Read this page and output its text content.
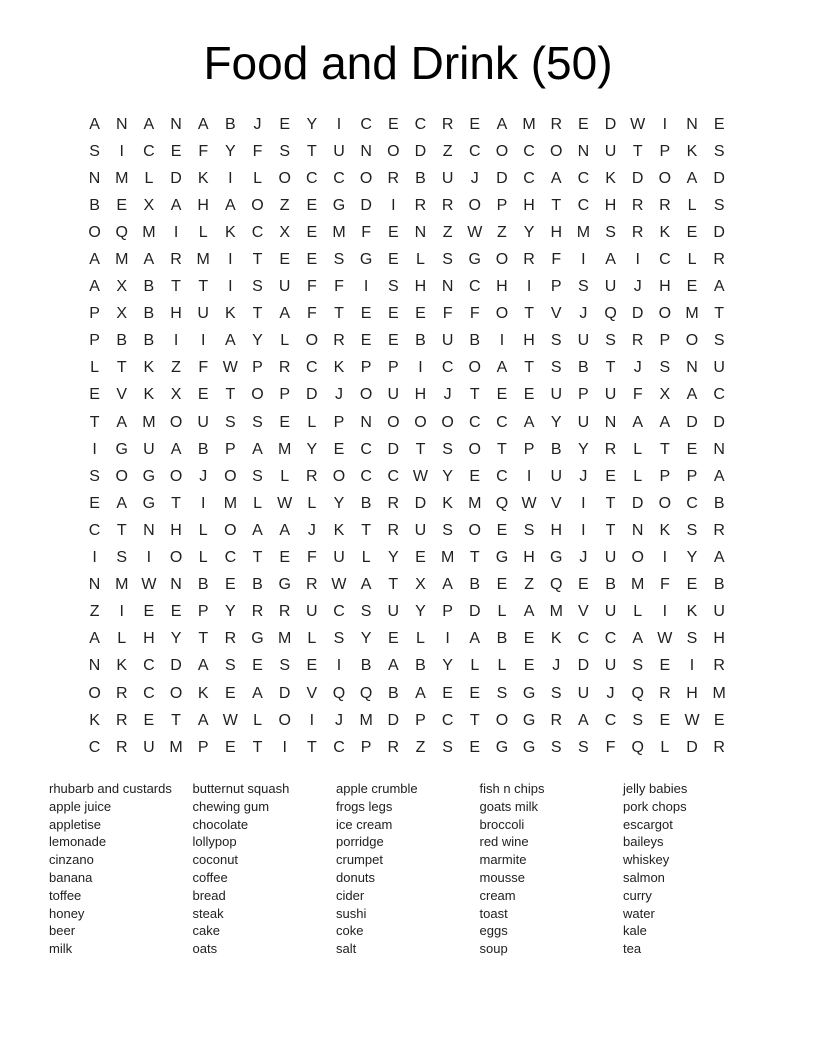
Food and Drink (50)
A	N	A	N	A	B	J	E	Y	I	C	E	C R	E	A M R	E	D W	I	N	E
S	I	C	E	F	Y	F	S	T	U N O D	Z	C O C O N U	T	P	K	S
N M	L	D	K	I	L	O C C O R	B	U	J	D C	A	C	K	D O A	D
B	E	X	A	H	A O	Z	E G D	I	R R O P	H	T	C H R R	L	S
O Q M	I	L	K	C	X	E M F	E	N	Z W Z	Y	H M S	R	K	E	D
A M A	R M	I	T	E	E	S G E	L	S G O R	F	I	A	I	C	L	R
A	X	B	T	T	I	S	U	F	F	I	S	H N C H	I	P	S	U	J	H	E	A
P	X	B	H U	K	T	A	F	T	E	E	E	F	F	O	T	V	J	Q D O M T
P	B	B	I	I	A	Y	L	O R	E	E	B	U	B	I	H	S	U	S	R	P O S
L	T	K	Z	F W P	R C	K	P	P	I	C O A	T	S	B	T	J	S	N U
E	V	K	X	E	T	O P	D	J	O U H	J	T	E	E	U	P	U	F	X	A	C
T	A M O U	S	S	E	L	P	N O O O C C	A	Y	U N	A	A	D D
I	G U	A	B	P	A M Y	E	C D	T	S O	T	P	B	Y	R	L	T	E	N
S O G O	J	O S	L	R O C C W Y	E	C	I	U	J	E	L	P	P	A
E	A G	T	I	M	L W L	Y	B	R D	K M Q W V	I	T	D O C	B
C	T	N H	L	O A	A	J	K	T	R U	S O E	S	H	I	T	N	K	S	R
I	S	I	O	L	C	T	E	F	U	L	Y	E M T	G H G	J	U O	I	Y	A
N M W N	B	E	B G R W A	T	X	A	B	E	Z	Q E	B M F	E	B
Z	I	E	E	P	Y	R R U C	S	U	Y	P	D	L	A M V	U	L	I	K	U
A	L	H	Y	T	R G M	L	S	Y	E	L	I	A	B	E	K	C C	A W S	H
N	K	C D	A	S	E	S	E	I	B	A	B	Y	L	L	E	J	D U	S	E	I	R
O R C O K	E	A	D	V Q Q B	A	E	E	S G S	U	J	Q R H M
K	R	E	T	A W L	O	I	J	M D	P	C	T	O G R	A	C	S	E W E
C R U M P	E	T	I	T	C	P	R	Z	S	E G G S	S	F	Q	L	D R
rhubarb and custards
apple juice
appletise
lemonade
cinzano
banana
toffee
honey
beer
milk
butternut squash
chewing gum
chocolate
lollypop
coconut
coffee
bread
steak
cake
oats
apple crumble
frogs legs
ice cream
porridge
crumpet
donuts
cider
sushi
coke
salt
fish n chips
goats milk
broccoli
red wine
marmite
mousse
cream
toast
eggs
soup
jelly babies
pork chops
escargot
baileys
whiskey
salmon
curry
water
kale
tea
